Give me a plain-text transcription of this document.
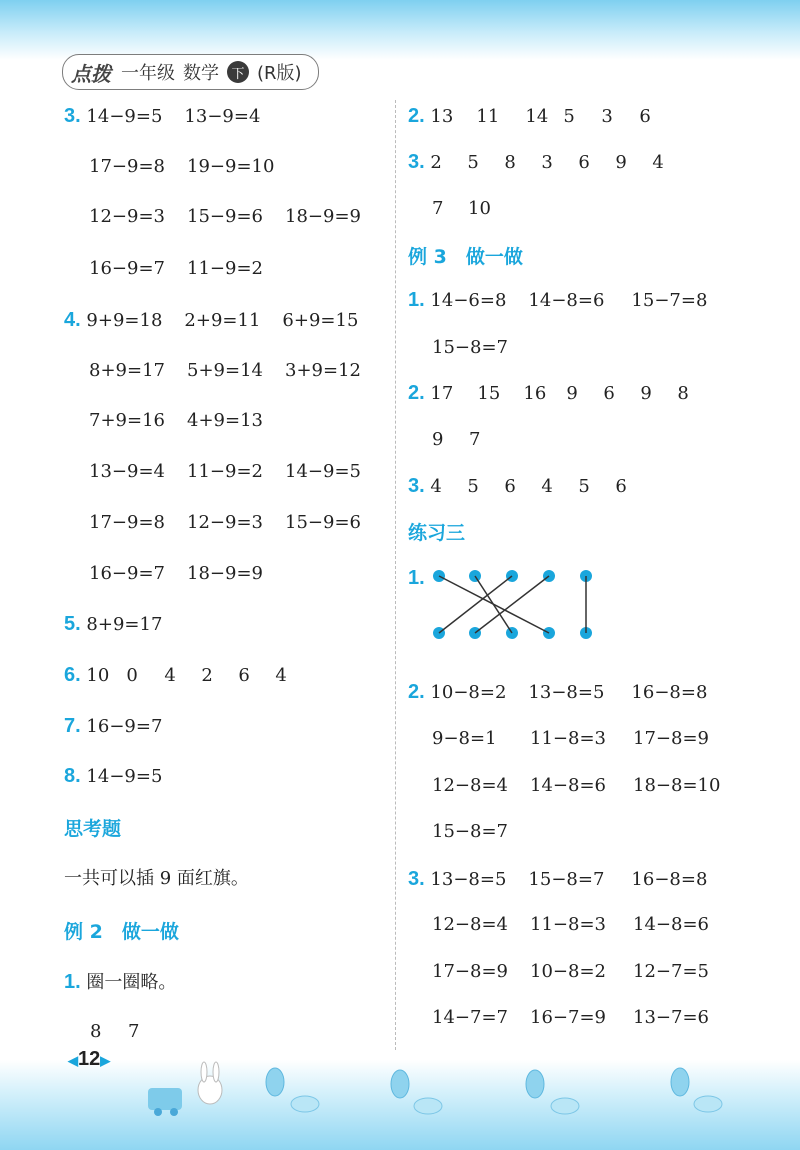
点拨 一年级 数学 下 (R版)
3. 14−9=5 13−9=4
17−9=8 19−9=10
12−9=3 15−9=6 18−9=9
16−9=7 11−9=2
4. 9+9=18 2+9=11 6+9=15
8+9=17 5+9=14 3+9=12
7+9=16 4+9=13
13−9=4 11−9=2 14−9=5
17−9=8 12−9=3 15−9=6
16−9=7 18−9=9
5. 8+9=17
6. 10 0 4 2 6 4
7. 16−9=7
8. 14−9=5
思考题
一共可以插 9 面红旗。
例 2　做一做
1. 圈一圈略。
8 7
2. 13 11 14 5 3 6
3. 2 5 8 3 6 9 4
7 10
例 3　做一做
1. 14−6=8 14−8=6 15−7=8
15−8=7
2. 17 15 16 9 6 9 8
9 7
3. 4 5 6 4 5 6
练习三
1.
2. 10−8=2 13−8=5 16−8=8
9−8=1 11−8=3 17−8=9
12−8=4 14−8=6 18−8=10
15−8=7
3. 13−8=5 15−8=7 16−8=8
12−8=4 11−8=3 14−8=6
17−8=9 10−8=2 12−7=5
14−7=7 16−7=9 13−7=6
◀12▶
